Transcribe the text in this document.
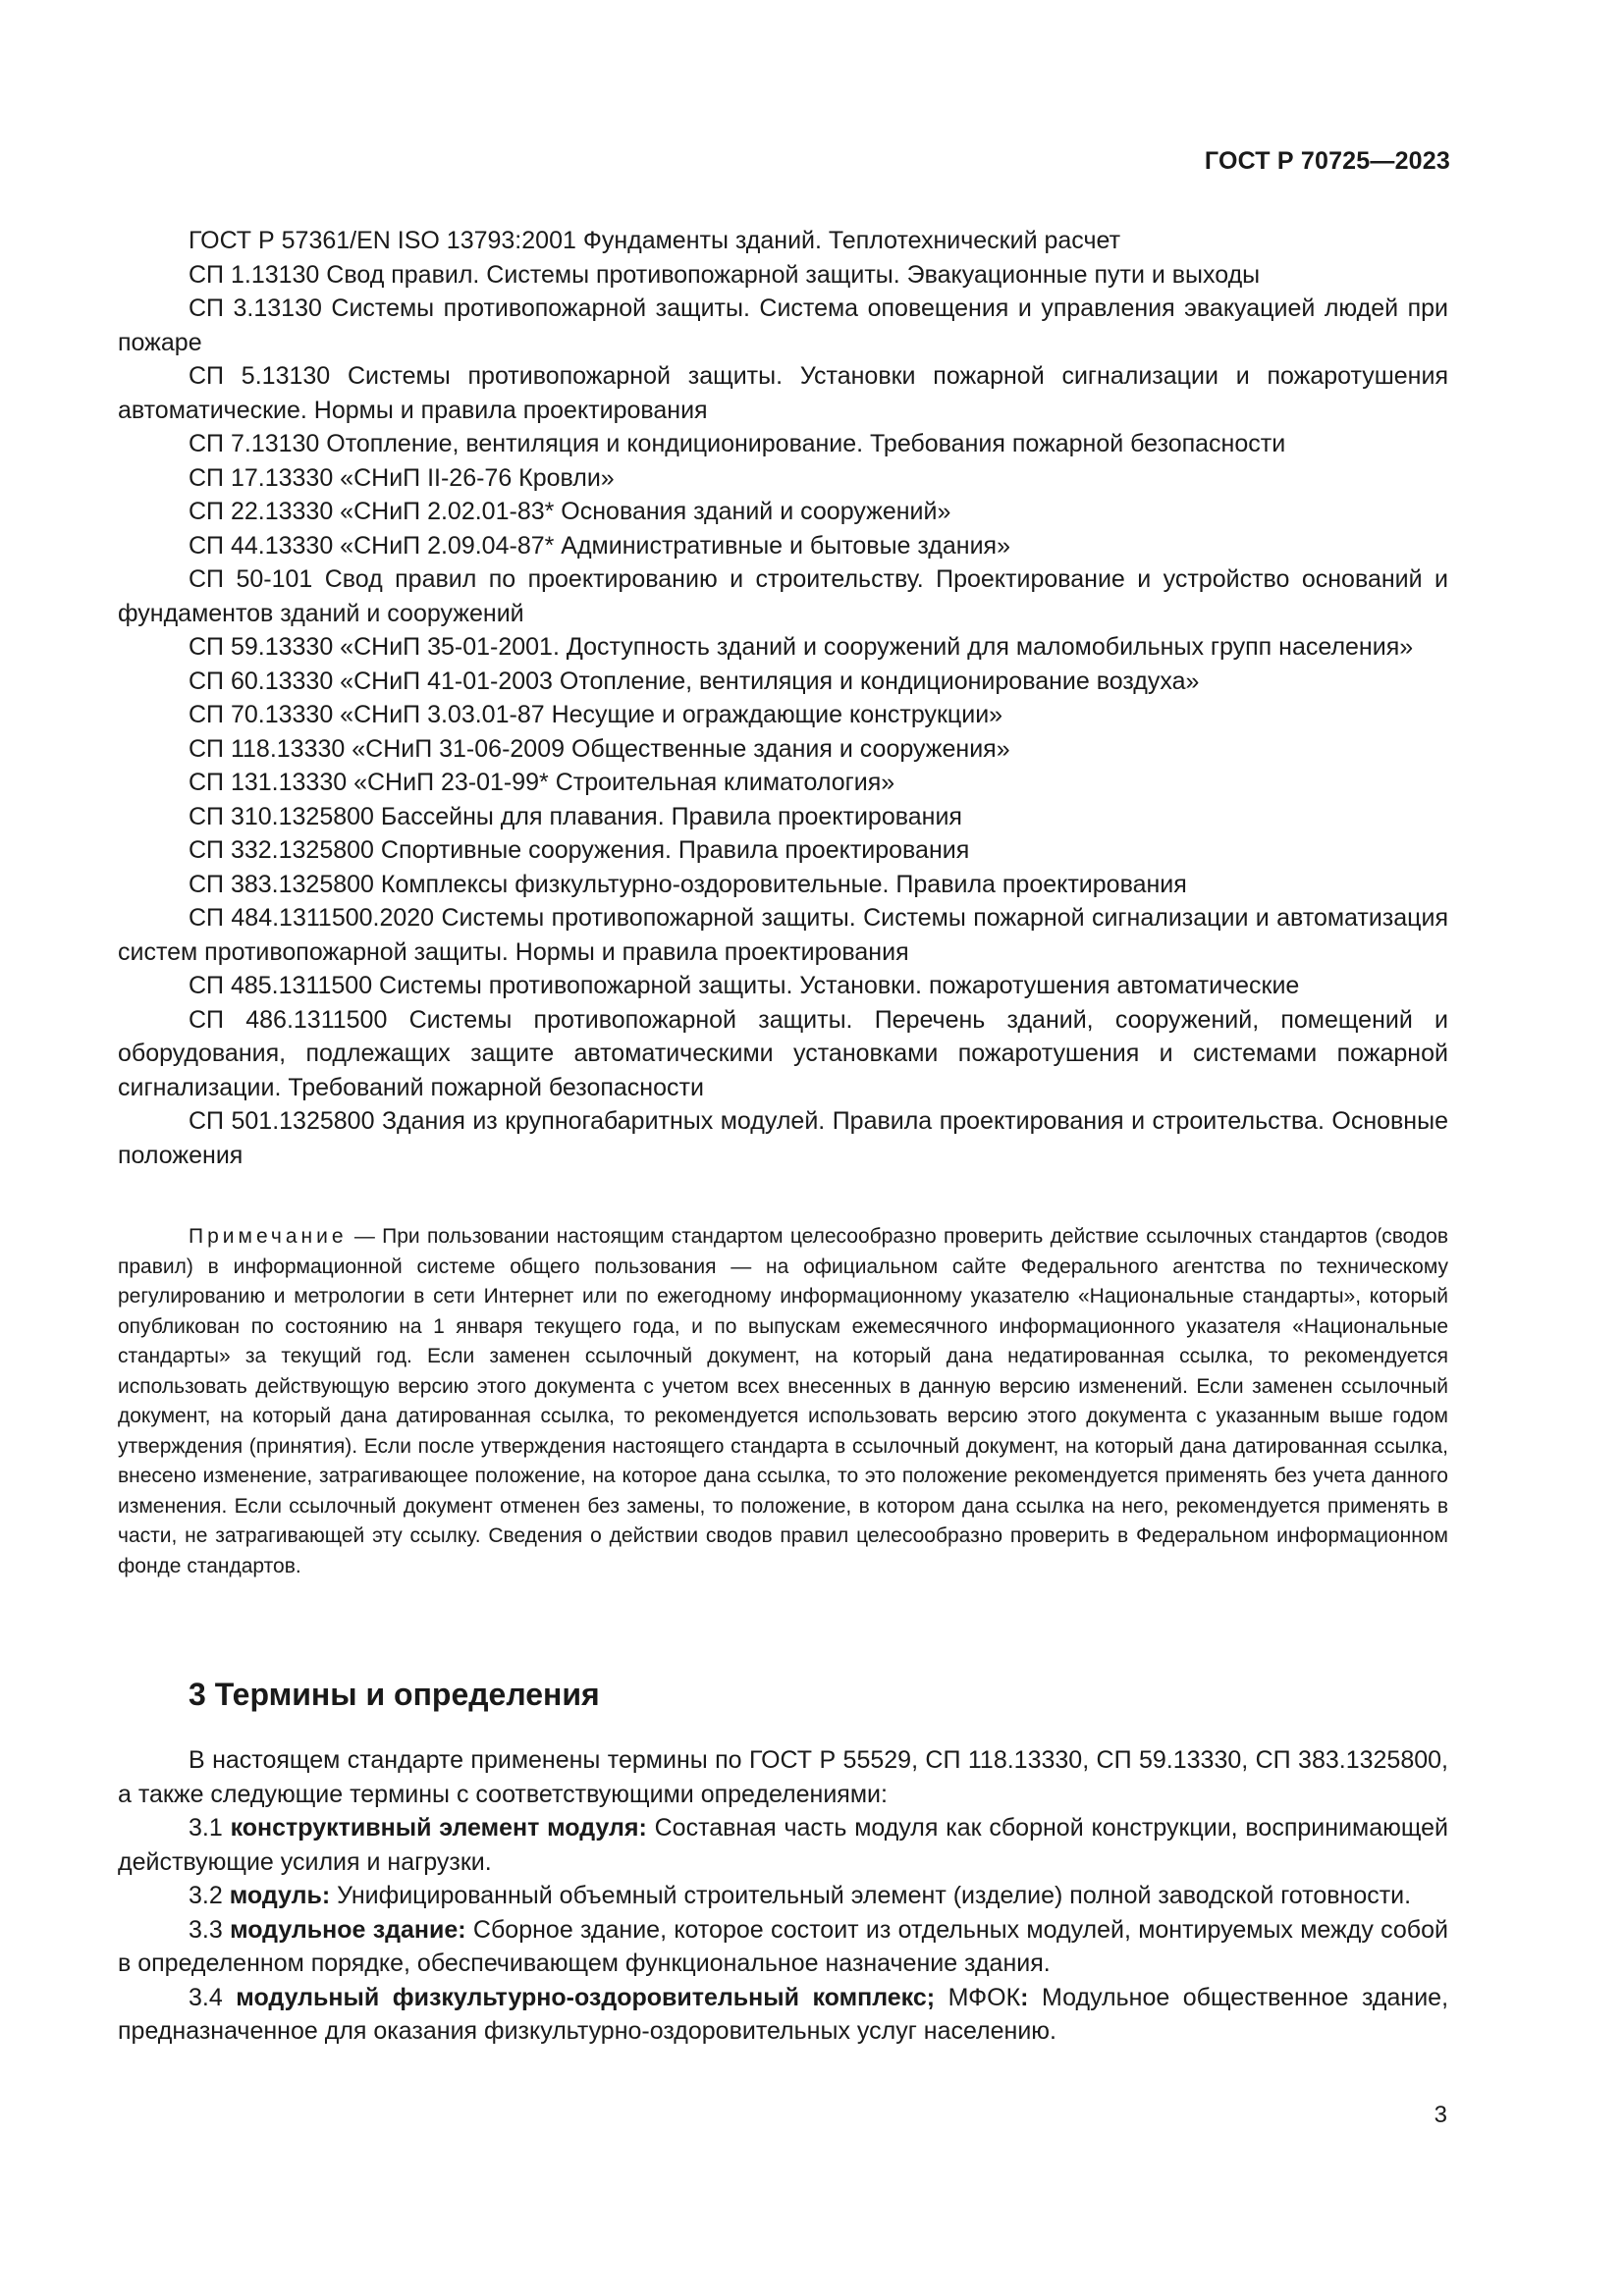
ГОСТ Р 70725—2023

ГОСТ Р 57361/EN ISO 13793:2001 Фундаменты зданий. Теплотехнический расчет

СП 1.13130 Свод правил. Системы противопожарной защиты. Эвакуационные пути и выходы

СП 3.13130 Системы противопожарной защиты. Система оповещения и управления эвакуацией людей при пожаре

СП 5.13130 Системы противопожарной защиты. Установки пожарной сигнализации и пожаротушения автоматические. Нормы и правила проектирования

СП 7.13130 Отопление, вентиляция и кондиционирование. Требования пожарной безопасности

СП 17.13330 «СНиП II-26-76 Кровли»

СП 22.13330 «СНиП 2.02.01-83* Основания зданий и сооружений»

СП 44.13330 «СНиП 2.09.04-87* Административные и бытовые здания»

СП 50-101 Свод правил по проектированию и строительству. Проектирование и устройство оснований и фундаментов зданий и сооружений

СП 59.13330 «СНиП 35-01-2001. Доступность зданий и сооружений для маломобильных групп населения»

СП 60.13330 «СНиП 41-01-2003 Отопление, вентиляция и кондиционирование воздуха»

СП 70.13330 «СНиП 3.03.01-87 Несущие и ограждающие конструкции»

СП 118.13330 «СНиП 31-06-2009 Общественные здания и сооружения»

СП 131.13330 «СНиП 23-01-99* Строительная климатология»

СП 310.1325800 Бассейны для плавания. Правила проектирования

СП 332.1325800 Спортивные сооружения. Правила проектирования

СП 383.1325800 Комплексы физкультурно-оздоровительные. Правила проектирования

СП 484.1311500.2020 Системы противопожарной защиты. Системы пожарной сигнализации и автоматизация систем противопожарной защиты. Нормы и правила проектирования

СП 485.1311500 Системы противопожарной защиты. Установки. пожаротушения автоматические

СП 486.1311500 Системы противопожарной защиты. Перечень зданий, сооружений, помещений и оборудования, подлежащих защите автоматическими установками пожаротушения и системами пожарной сигнализации. Требований пожарной безопасности

СП 501.1325800 Здания из крупногабаритных модулей. Правила проектирования и строительства. Основные положения

Примечание — При пользовании настоящим стандартом целесообразно проверить действие ссылочных стандартов (сводов правил) в информационной системе общего пользования — на официальном сайте Федерального агентства по техническому регулированию и метрологии в сети Интернет или по ежегодному информационному указателю «Национальные стандарты», который опубликован по состоянию на 1 января текущего года, и по выпускам ежемесячного информационного указателя «Национальные стандарты» за текущий год. Если заменен ссылочный документ, на который дана недатированная ссылка, то рекомендуется использовать действующую версию этого документа с учетом всех внесенных в данную версию изменений. Если заменен ссылочный документ, на который дана датированная ссылка, то рекомендуется использовать версию этого документа с указанным выше годом утверждения (принятия). Если после утверждения настоящего стандарта в ссылочный документ, на который дана датированная ссылка, внесено изменение, затрагивающее положение, на которое дана ссылка, то это положение рекомендуется применять без учета данного изменения. Если ссылочный документ отменен без замены, то положение, в котором дана ссылка на него, рекомендуется применять в части, не затрагивающей эту ссылку. Сведения о действии сводов правил целесообразно проверить в Федеральном информационном фонде стандартов.

3 Термины и определения

В настоящем стандарте применены термины по ГОСТ Р 55529, СП 118.13330, СП 59.13330, СП 383.1325800, а также следующие термины с соответствующими определениями:

3.1 конструктивный элемент модуля: Составная часть модуля как сборной конструкции, воспринимающей действующие усилия и нагрузки.

3.2 модуль: Унифицированный объемный строительный элемент (изделие) полной заводской готовности.

3.3 модульное здание: Сборное здание, которое состоит из отдельных модулей, монтируемых между собой в определенном порядке, обеспечивающем функциональное назначение здания.

3.4 модульный физкультурно-оздоровительный комплекс; МФОК: Модульное общественное здание, предназначенное для оказания физкультурно-оздоровительных услуг населению.

3
